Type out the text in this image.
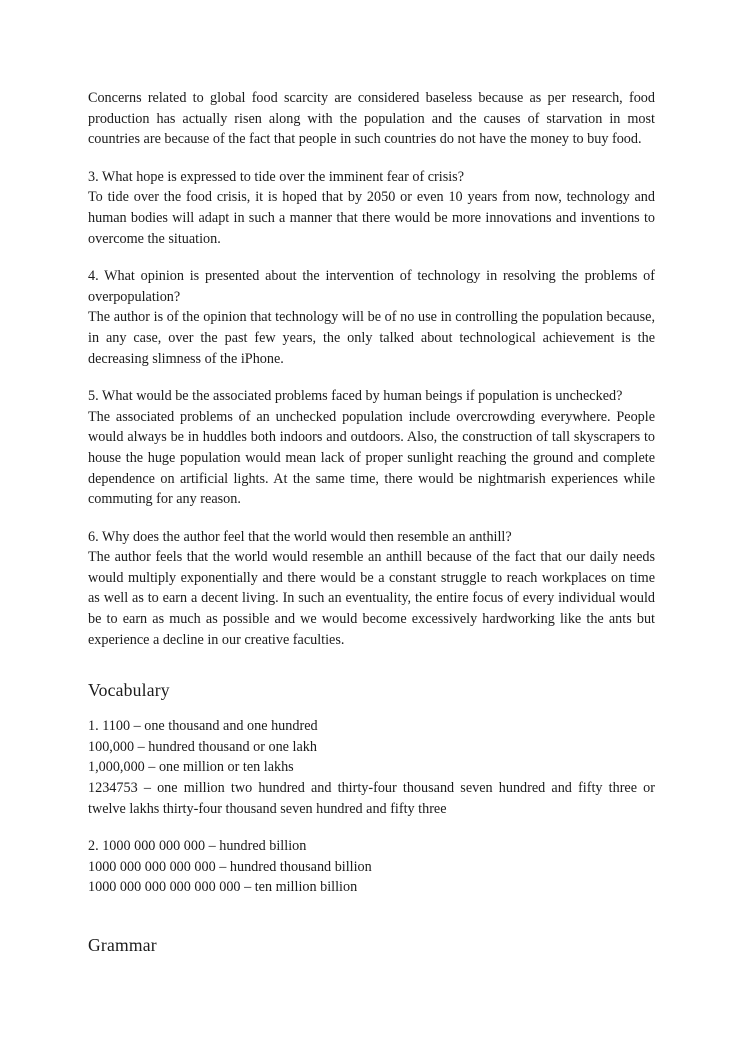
Concerns related to global food scarcity are considered baseless because as per research, food production has actually risen along with the population and the causes of starvation in most countries are because of the fact that people in such countries do not have the money to buy food.

3. What hope is expressed to tide over the imminent fear of crisis?
To tide over the food crisis, it is hoped that by 2050 or even 10 years from now, technology and human bodies will adapt in such a manner that there would be more innovations and inventions to overcome the situation.
4. What opinion is presented about the intervention of technology in resolving the problems of overpopulation?
The author is of the opinion that technology will be of no use in controlling the population because, in any case, over the past few years, the only talked about technological achievement is the decreasing slimness of the iPhone.
5. What would be the associated problems faced by human beings if population is unchecked?
The associated problems of an unchecked population include overcrowding everywhere. People would always be in huddles both indoors and outdoors. Also, the construction of tall skyscrapers to house the huge population would mean lack of proper sunlight reaching the ground and complete dependence on artificial lights. At the same time, there would be nightmarish experiences while commuting for any reason.
6. Why does the author feel that the world would then resemble an anthill?
The author feels that the world would resemble an anthill because of the fact that our daily needs would multiply exponentially and there would be a constant struggle to reach workplaces on time as well as to earn a decent living. In such an eventuality, the entire focus of every individual would be to earn as much as possible and we would become excessively hardworking like the ants but experience a decline in our creative faculties.
Vocabulary
1. 1100 – one thousand and one hundred
100,000 – hundred thousand or one lakh
1,000,000 – one million or ten lakhs
1234753 – one million two hundred and thirty-four thousand seven hundred and fifty three or twelve lakhs thirty-four thousand seven hundred and fifty three
2. 1000 000 000 000 – hundred billion
1000 000 000 000 000 – hundred thousand billion
1000 000 000 000 000 000 – ten million billion
Grammar
